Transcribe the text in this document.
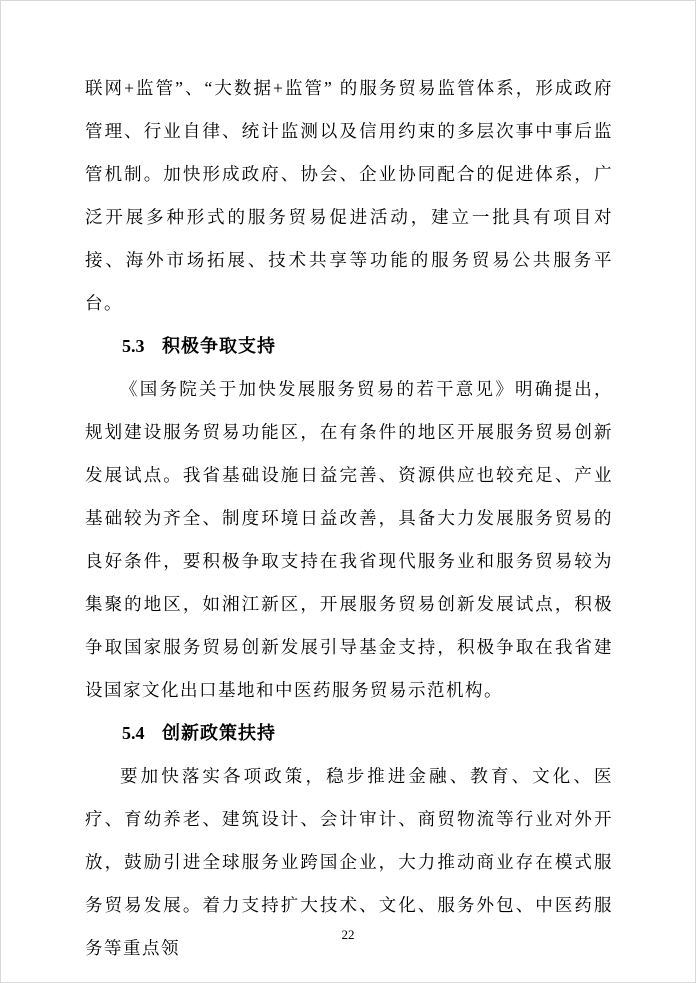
联网+监管”、“大数据+监管” 的服务贸易监管体系，形成政府管理、行业自律、统计监测以及信用约束的多层次事中事后监管机制。加快形成政府、协会、企业协同配合的促进体系，广泛开展多种形式的服务贸易促进活动，建立一批具有项目对接、海外市场拓展、技术共享等功能的服务贸易公共服务平台。

5.3 积极争取支持

《国务院关于加快发展服务贸易的若干意见》明确提出，规划建设服务贸易功能区，在有条件的地区开展服务贸易创新发展试点。我省基础设施日益完善、资源供应也较充足、产业基础较为齐全、制度环境日益改善，具备大力发展服务贸易的良好条件，要积极争取支持在我省现代服务业和服务贸易较为集聚的地区，如湘江新区，开展服务贸易创新发展试点，积极争取国家服务贸易创新发展引导基金支持，积极争取在我省建设国家文化出口基地和中医药服务贸易示范机构。

5.4 创新政策扶持

要加快落实各项政策，稳步推进金融、教育、文化、医疗、育幼养老、建筑设计、会计审计、商贸物流等行业对外开放，鼓励引进全球服务业跨国企业，大力推动商业存在模式服务贸易发展。着力支持扩大技术、文化、服务外包、中医药服务等重点领

22
